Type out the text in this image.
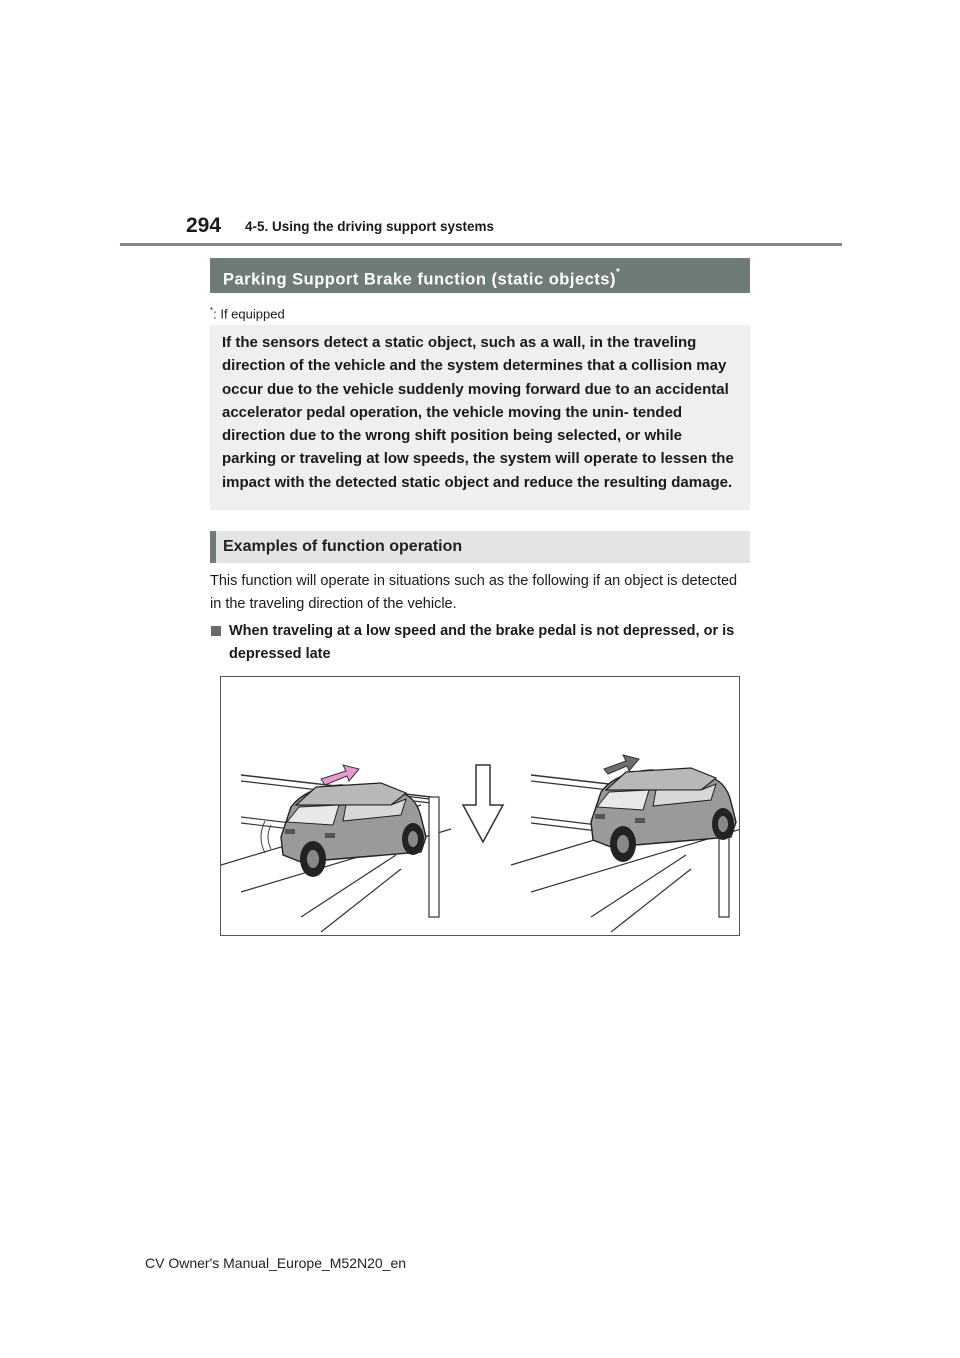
294 4-5. Using the driving support systems
Parking Support Brake function (static objects)*
*: If equipped
If the sensors detect a static object, such as a wall, in the traveling direction of the vehicle and the system determines that a collision may occur due to the vehicle suddenly moving forward due to an accidental accelerator pedal operation, the vehicle moving the unin- tended direction due to the wrong shift position being selected, or while parking or traveling at low speeds, the system will operate to lessen the impact with the detected static object and reduce the resulting damage.
Examples of function operation
This function will operate in situations such as the following if an object is detected in the traveling direction of the vehicle.
When traveling at a low speed and the brake pedal is not depressed, or is depressed late
CV Owner's Manual_Europe_M52N20_en
